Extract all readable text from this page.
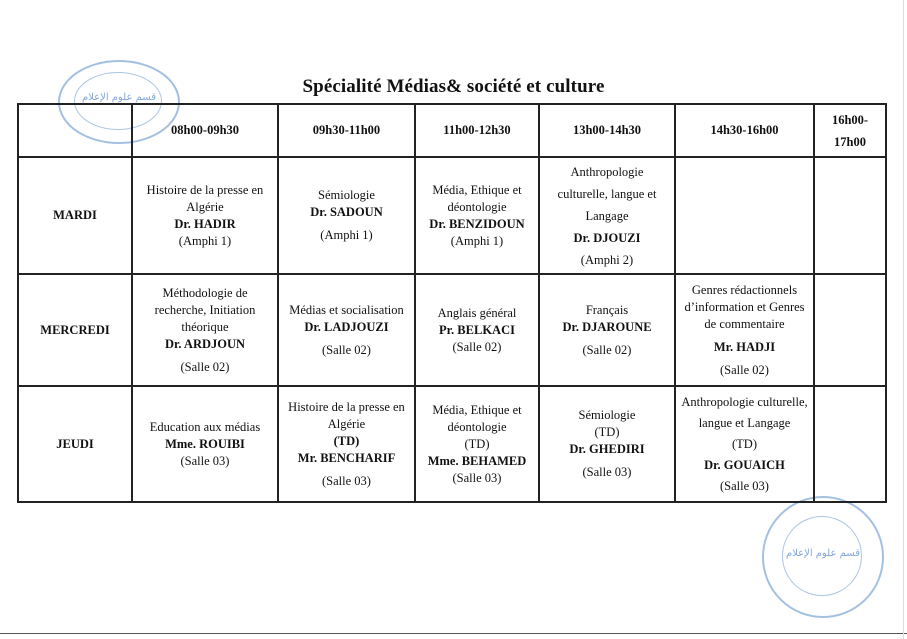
Spécialité Médias& société et culture
قسم علوم الإعلام
قسم علوم الإعلام
	08h00-09h30	09h30-11h00	11h00-12h30	13h00-14h30	14h30-16h00	16h00-
17h00

MARDI	Histoire de la presse en
Algérie
Dr. HADIR
(Amphi 1)	Sémiologie
Dr. SADOUN
(Amphi 1)	Média, Ethique et
déontologie
Dr. BENZIDOUN
(Amphi 1)	Anthropologie
culturelle, langue et
Langage
Dr. DJOUZI
(Amphi 2)		

MERCREDI	Méthodologie de
recherche, Initiation
théorique
Dr. ARDJOUN
(Salle 02)	Médias et socialisation
Dr. LADJOUZI
(Salle 02)	Anglais général
Pr. BELKACI
(Salle 02)	Français
Dr. DJAROUNE
(Salle 02)	Genres rédactionnels
d’information et Genres
de commentaire
Mr. HADJI
(Salle 02)	

JEUDI	Education aux médias
Mme. ROUIBI
(Salle 03)	Histoire de la presse en
Algérie
(TD)
Mr. BENCHARIF
(Salle 03)	Média, Ethique et
déontologie
(TD)
Mme. BEHAMED
(Salle 03)	Sémiologie
(TD)
Dr. GHEDIRI
(Salle 03)	Anthropologie culturelle,
langue et Langage
(TD)
Dr. GOUAICH
(Salle 03)	
